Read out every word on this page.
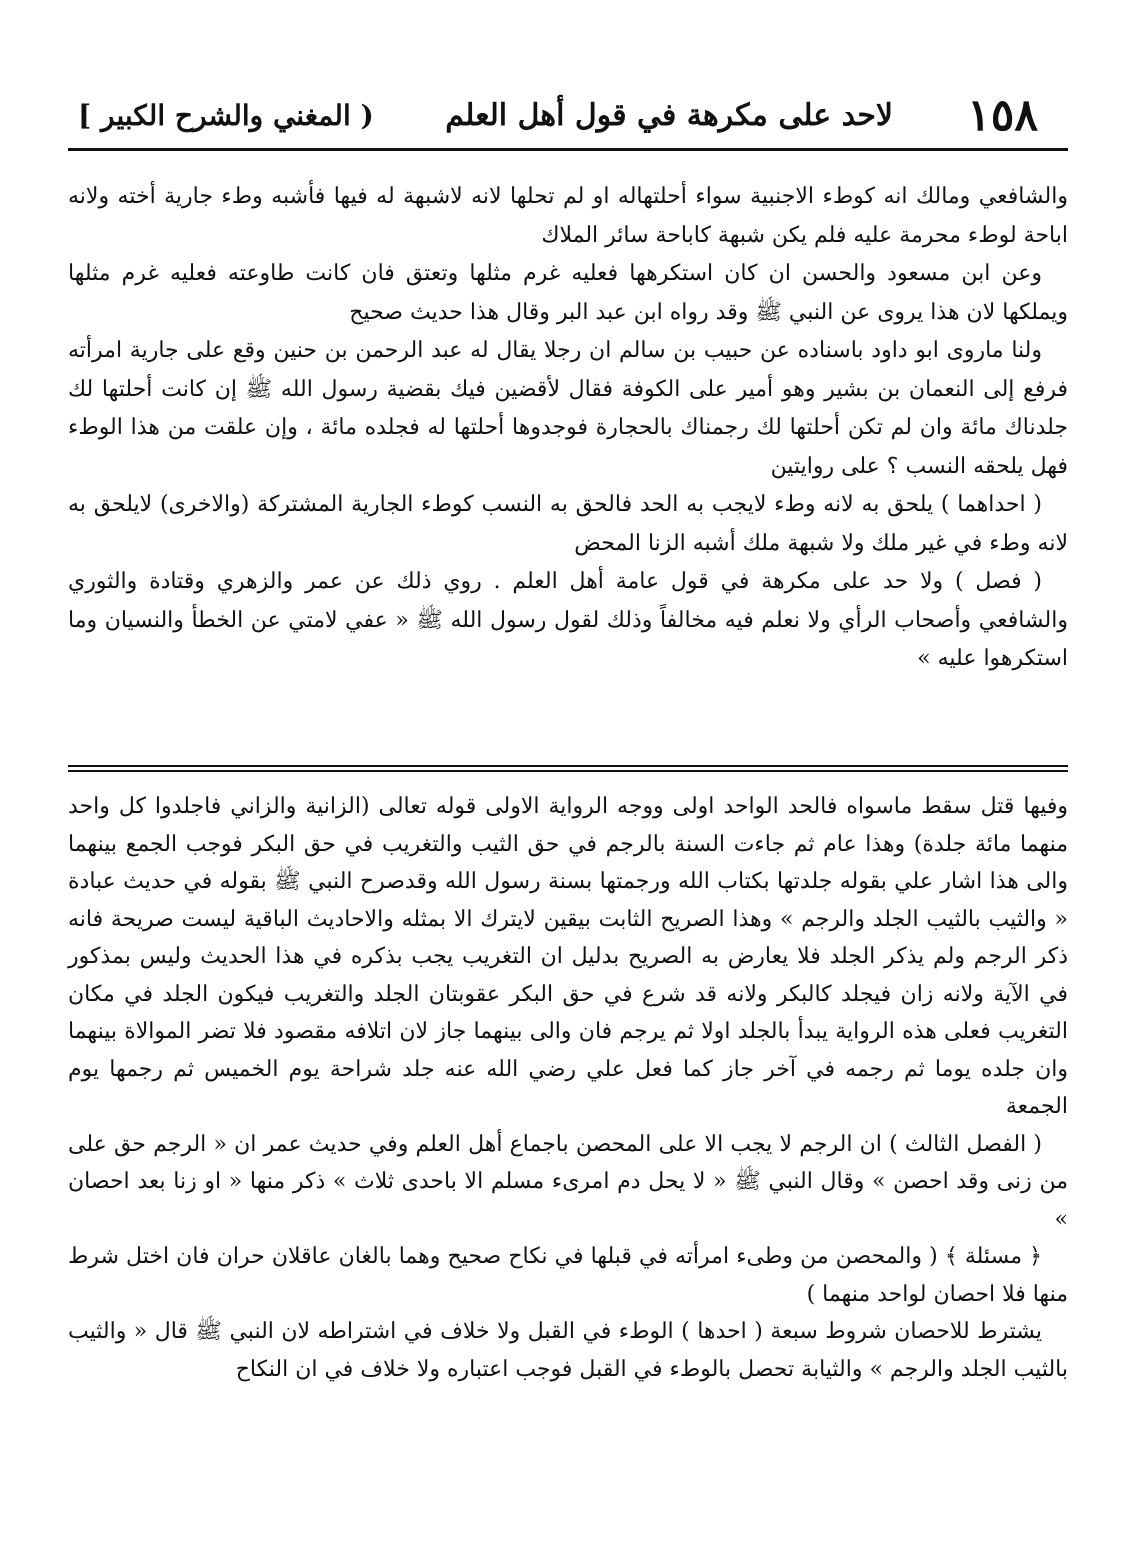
١٥٨
لاحد على مكرهة في قول أهل العلم
( المغني والشرح الكبير ]

والشافعي ومالك انه كوطء الاجنبية سواء أحلتهاله او لم تحلها لانه لاشبهة له فيها فأشبه وطء جارية أخته ولانه اباحة لوطء محرمة عليه فلم يكن شبهة كاباحة سائر الملاك

وعن ابن مسعود والحسن ان كان استكرهها فعليه غرم مثلها وتعتق فان كانت طاوعته فعليه غرم مثلها ويملكها لان هذا يروى عن النبي ﷺ وقد رواه ابن عبد البر وقال هذا حديث صحيح

ولنا ماروى ابو داود باسناده عن حبيب بن سالم ان رجلا يقال له عبد الرحمن بن حنين وقع على جارية امرأته فرفع إلى النعمان بن بشير وهو أمير على الكوفة فقال لأقضين فيك بقضية رسول الله ﷺ إن كانت أحلتها لك جلدناك مائة وان لم تكن أحلتها لك رجمناك بالحجارة فوجدوها أحلتها له فجلده مائة ، وإن علقت من هذا الوطء فهل يلحقه النسب ؟ على روايتين

( احداهما ) يلحق به لانه وطء لايجب به الحد فالحق به النسب كوطء الجارية المشتركة (والاخرى) لايلحق به لانه وطء في غير ملك ولا شبهة ملك أشبه الزنا المحض

( فصل ) ولا حد على مكرهة في قول عامة أهل العلم . روي ذلك عن عمر والزهري وقتادة والثوري والشافعي وأصحاب الرأي ولا نعلم فيه مخالفاً وذلك لقول رسول الله ﷺ « عفي لامتي عن الخطأ والنسيان وما استكرهوا عليه »

وفيها قتل سقط ماسواه فالحد الواحد اولى ووجه الرواية الاولى قوله تعالى (الزانية والزاني فاجلدوا كل واحد منهما مائة جلدة) وهذا عام ثم جاءت السنة بالرجم في حق الثيب والتغريب في حق البكر فوجب الجمع بينهما والى هذا اشار علي بقوله جلدتها بكتاب الله ورجمتها بسنة رسول الله وقدصرح النبي ﷺ بقوله في حديث عبادة « والثيب بالثيب الجلد والرجم » وهذا الصريح الثابت بيقين لايترك الا بمثله والاحاديث الباقية ليست صريحة فانه ذكر الرجم ولم يذكر الجلد فلا يعارض به الصريح بدليل ان التغريب يجب بذكره في هذا الحديث وليس بمذكور في الآية ولانه زان فيجلد كالبكر ولانه قد شرع في حق البكر عقوبتان الجلد والتغريب فيكون الجلد في مكان التغريب فعلى هذه الرواية يبدأ بالجلد اولا ثم يرجم فان والى بينهما جاز لان اتلافه مقصود فلا تضر الموالاة بينهما وان جلده يوما ثم رجمه في آخر جاز كما فعل علي رضي الله عنه جلد شراحة يوم الخميس ثم رجمها يوم الجمعة

( الفصل الثالث ) ان الرجم لا يجب الا على المحصن باجماع أهل العلم وفي حديث عمر ان « الرجم حق على من زنى وقد احصن » وقال النبي ﷺ « لا يحل دم امرىء مسلم الا باحدى ثلاث » ذكر منها « او زنا بعد احصان »

﴿ مسئلة ﴾ ( والمحصن من وطىء امرأته في قبلها في نكاح صحيح وهما بالغان عاقلان حران فان اختل شرط منها فلا احصان لواحد منهما )

يشترط للاحصان شروط سبعة ( احدها ) الوطء في القبل ولا خلاف في اشتراطه لان النبي ﷺ قال « والثيب بالثيب الجلد والرجم » والثيابة تحصل بالوطء في القبل فوجب اعتباره ولا خلاف في ان النكاح
